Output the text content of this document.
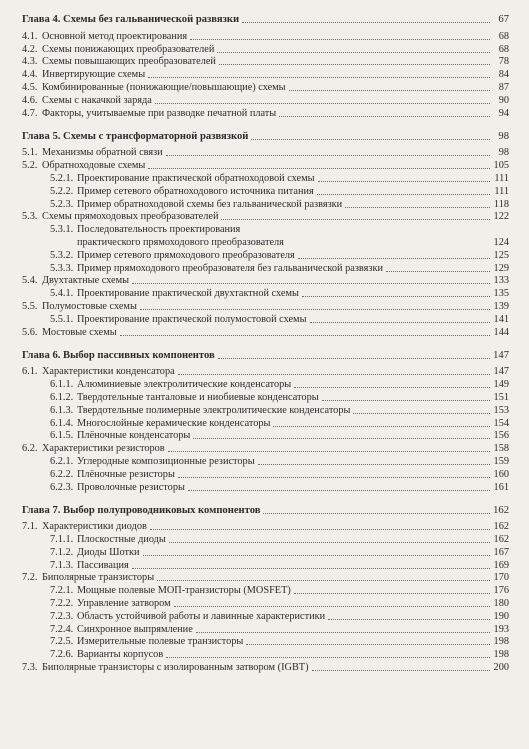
Глава 4. Схемы без гальванической развязки	67
4.1. Основной метод проектирования	68
4.2. Схемы понижающих преобразователей	68
4.3. Схемы повышающих преобразователей	78
4.4. Инвертирующие схемы	84
4.5. Комбинированные (понижающие/повышающие) схемы	87
4.6. Схемы с накачкой заряда	90
4.7. Факторы, учитываемые при разводке печатной платы	94
Глава 5. Схемы с трансформаторной развязкой	98
5.1. Механизмы обратной связи	98
5.2. Обратноходовые схемы	105
5.2.1. Проектирование практической обратноходовой схемы	111
5.2.2. Пример сетевого обратноходового источника питания	111
5.2.3. Пример обратноходовой схемы без гальванической развязки	118
5.3. Схемы прямоходовых преобразователей	122
5.3.1. Последовательность проектирования
практического прямоходового преобразователя	124
5.3.2. Пример сетевого прямоходового преобразователя	125
5.3.3. Пример прямоходового преобразователя без гальванической развязки	129
5.4. Двухтактные схемы	133
5.4.1. Проектирование практической двухтактной схемы	135
5.5. Полумостовые схемы	139
5.5.1. Проектирование практической полумостовой схемы	141
5.6. Мостовые схемы	144
Глава 6. Выбор пассивных компонентов	147
6.1. Характеристики конденсатора	147
6.1.1. Алюминиевые электролитические конденсаторы	149
6.1.2. Твердотельные танталовые и ниобиевые конденсаторы	151
6.1.3. Твердотельные полимерные электролитические конденсаторы	153
6.1.4. Многослойные керамические конденсаторы	154
6.1.5. Плёночные конденсаторы	156
6.2. Характеристики резисторов	158
6.2.1. Углеродные композиционные резисторы	159
6.2.2. Плёночные резисторы	160
6.2.3. Проволочные резисторы	161
Глава 7. Выбор полупроводниковых компонентов	162
7.1. Характеристики диодов	162
7.1.1. Плоскостные диоды	162
7.1.2. Диоды Шотки	167
7.1.3. Пассивация	169
7.2. Биполярные транзисторы	170
7.2.1. Мощные полевые МОП-транзисторы (MOSFET)	176
7.2.2. Управление затвором	180
7.2.3. Область устойчивой работы и лавинные характеристики	190
7.2.4. Синхронное выпрямление	193
7.2.5. Измерительные полевые транзисторы	198
7.2.6. Варианты корпусов	198
7.3. Биполярные транзисторы с изолированным затвором (IGBT)	200
